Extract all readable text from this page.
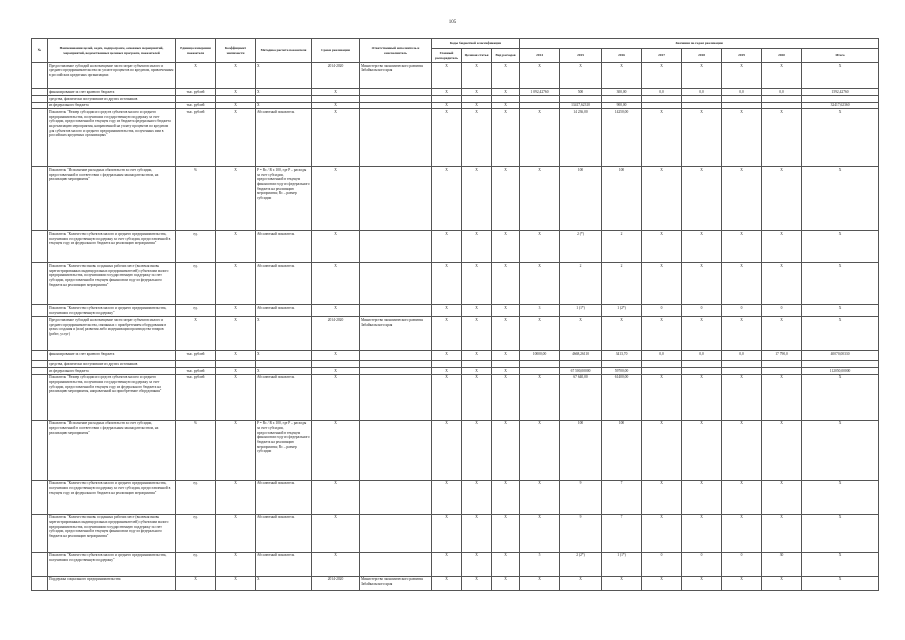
105
№	Наименования целей, задач, подпрограмм, основных мероприятий, мероприятий, ведомственных целевых программ, показателей	Единица измерения показателя	Коэффициент значимости	Методика расчета показателя	Сроки реализации	Ответственный исполнитель и соисполнитель	Коды бюджетной классификации			Значения по годам реализации							
							Главный распорядитель	Целевая статья	Вид расходов	2014	2015	2016	2017	2018	2019	2020	Итого
	Предоставление субсидий на возмещение части затрат субъектов малого и среднего предпринимательства по уплате процентов по кредитам, привлеченным в российских кредитных организациях	X	X	X	2014-2020	Министерство экономического развития Забайкальского края	X	X	X	X	X	X	X	X	X	X	X
	финансирование за счет краевого бюджета	тыс. рублей	X	X	X		X	X	X	1 092,42760	500	300,00	0,0	0,0	0,0	0,0	1592,42760
	средства, фактически поступившие из других источников																
	из федерального бюджета	тыс. рублей	X	X	X		X	X	X		13417,62310	900,00					32417,62360
	Показатель "Размер субсидии из средств субъектов малого и среднего предпринимательства, получивших государственную поддержку за счет субсидии, предоставленной в текущем году из бюджета федерального бюджета на реализацию мероприятия, направленной на уплату процентов по кредитам для субъектов малого и среднего предпринимательства, полученных ими в российских кредитных организациях"	тыс. рублей	X	Абсолютный показатель	X		X	X	X	X	14 236,00	14250,00	X	X	X	X	X
	Показатель "Исполнение расходных обязательств за счет субсидии, предоставленной в соответствии с федеральным законодательством, на реализацию мероприятия"	%	X	P = Rc / R x 100, где P – расходы за счет субсидии, предоставленной в текущем финансовом году из федерального бюджета на реализацию мероприятия; Rc – размер субсидии	X		X	X	X	X	100	100	X	X	X	X	X
	Показатель "Количество субъектов малого и среднего предпринимательства, получивших государственную поддержку за счет субсидии, предоставленной в текущем году из федерального бюджета на реализацию мероприятия"	ед.	X	Абсолютный показатель	X		X	X	X	X	2 (*)	2	X	X	X	X	X
	Показатель "Количество вновь созданных рабочих мест (включая вновь зарегистрированных индивидуальных предпринимателей) субъектами малого предпринимательства, получившими государственную поддержку за счет субсидии, предоставленной в текущем финансовом году из федерального бюджета на реализацию мероприятия"	ед.	X	Абсолютный показатель	X		X	X	X	X	2	2	X	X	X	X	X
	Показатель "Количество субъектов малого и среднего предпринимательства, получивших государственную поддержку"	ед.	X	Абсолютный показатель	X		X	X	X	3	1 (1*)	1 (2*)	0	0	0	0	X
	Предоставление субсидий на возмещение части затрат субъектов малого и среднего предпринимательства, связанных с приобретением оборудования в целях создания и (или) развития либо модернизации производства товаров (работ, услуг)	X	X	X	2014-2020	Министерство экономического развития Забайкальского края	X	X	X	X	X	X	X	X	X	X	X
	финансирование за счет краевого бюджета	тыс. рублей	X	X	X		X	X	X	10000,00	4668,26110	3413,70	0,0	0,0	0,0	17 790,0	40070,00330
	средства, фактически поступившие из других источников																
	из федерального бюджета	тыс. рублей	X	X	X		X	X	X		67 500,00000	59700,00					112050,00000
	Показатель "Размер субсидии из средств субъектов малого и среднего предпринимательства, получивших государственную поддержку за счет субсидии, предоставленной в текущем году из федерального бюджета на реализацию мероприятия, направленной на приобретение оборудования"	тыс. рублей	X	Абсолютный показатель	X		X	X	X	X	67 640,00	61400,00	X	X	X	X	X
	Показатель "Исполнение расходных обязательств за счет субсидии, предоставленной в соответствии с федеральным законодательством, на реализацию мероприятия"	%	X	P = Rc / R x 100, где P – расходы за счет субсидии, предоставленной в текущем финансовом году из федерального бюджета на реализацию мероприятия; Rc – размер субсидии	X		X	X	X	X	100	100	X	X	X	X	X
	Показатель "Количество субъектов малого и среднего предпринимательства, получивших государственную поддержку за счет субсидии, предоставленной в текущем году из федерального бюджета на реализацию мероприятия"	ед.	X	Абсолютный показатель	X		X	X	X	X	9	7	X	X	X	X	X
	Показатель "Количество вновь созданных рабочих мест (включая вновь зарегистрированных индивидуальных предпринимателей) субъектами малого предпринимательства, получившими государственную поддержку за счет субсидии, предоставленной в текущем финансовом году из федерального бюджета на реализацию мероприятия"	ед.	X	Абсолютный показатель	X		X	X	X	X	9	7	X	X	X	X	X
	Показатель "Количество субъектов малого и среднего предпринимательства, получивших государственную поддержку"	ед.	X	Абсолютный показатель	X		X	X	X	5	2 (2*)	1 (1*)	0	0	0	30	X
	Поддержка социального предпринимательства	X	X	X	2014-2020	Министерство экономического развития Забайкальского края	X	X	X	X	X	X	X	X	X	X	X
